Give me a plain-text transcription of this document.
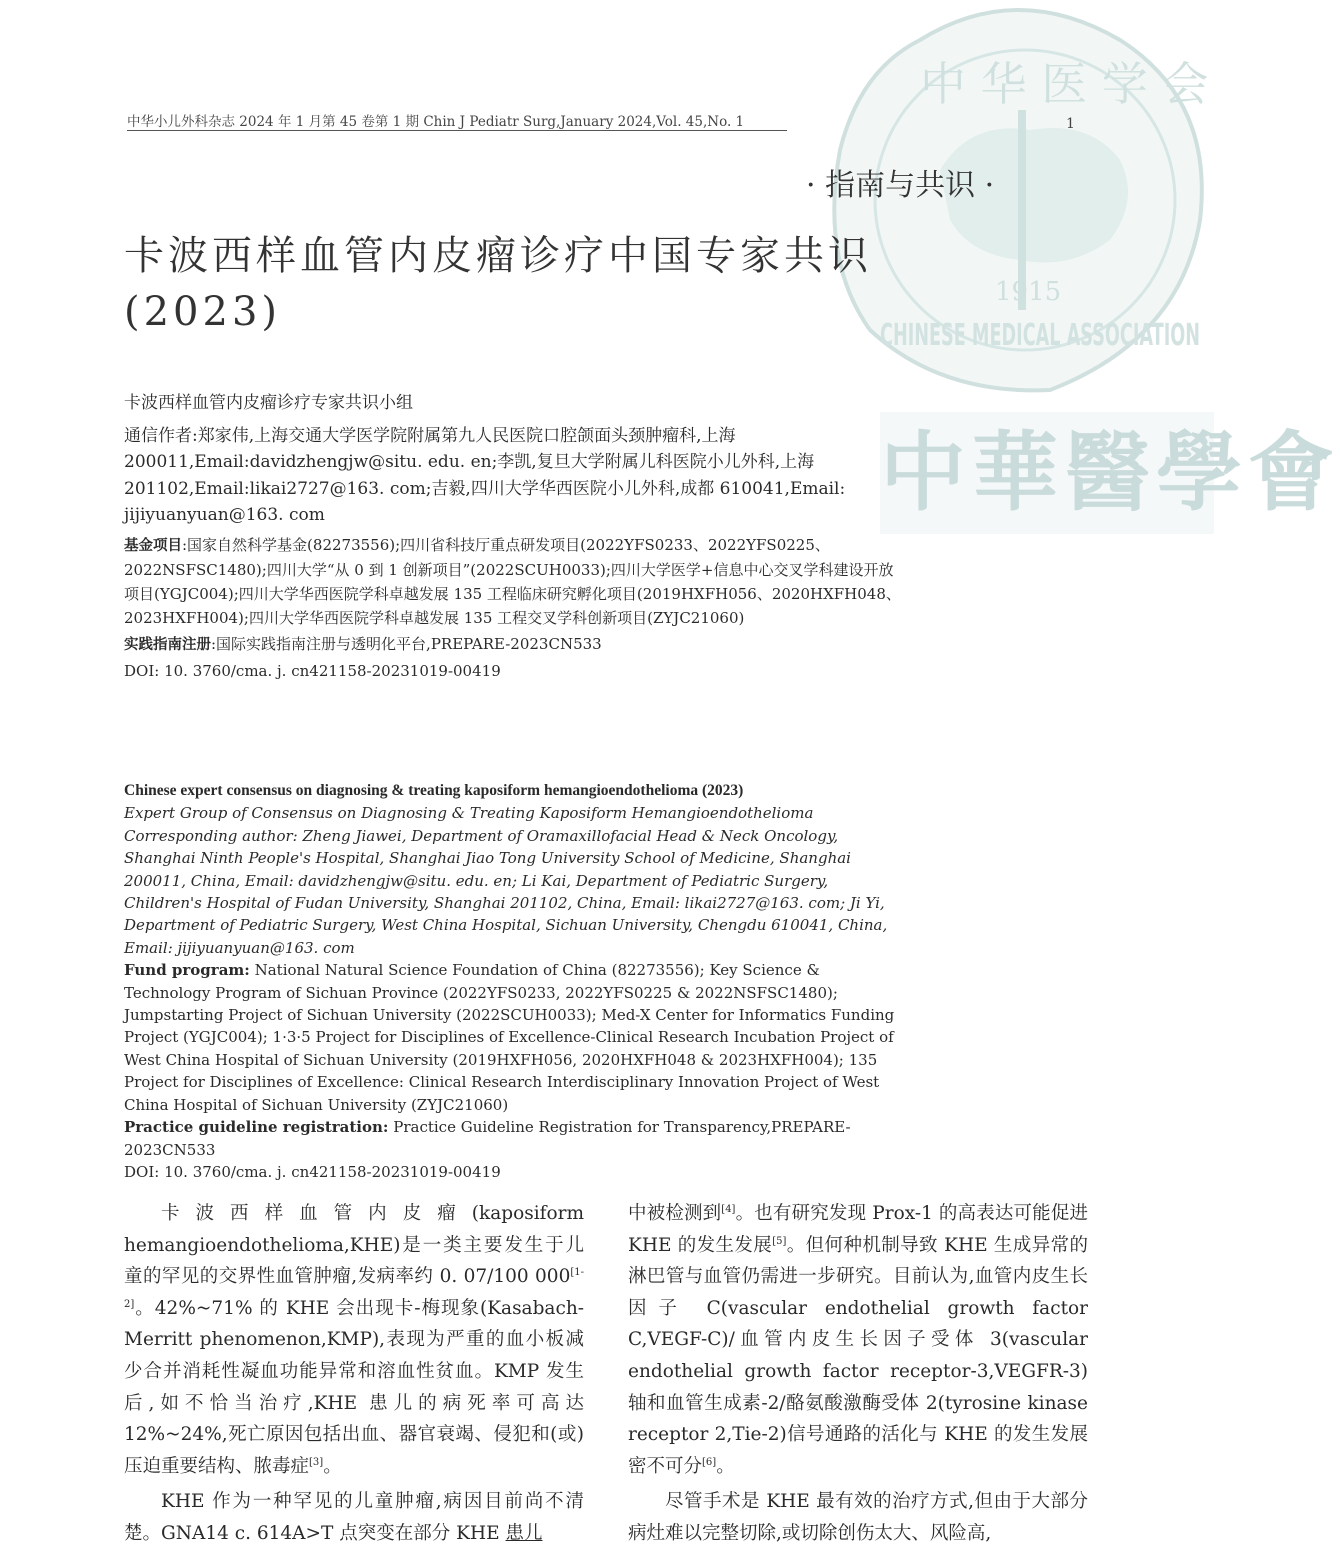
中 华 医 学 会
1915
CHINESE MEDICAL ASSOCIATION
中華醫學會
中华小儿外科杂志 2024 年 1 月第 45 卷第 1 期 Chin J Pediatr Surg,January 2024,Vol. 45,No. 1	1
· 指南与共识 ·
卡波西样血管内皮瘤诊疗中国专家共识
(2023)

卡波西样血管内皮瘤诊疗专家共识小组

通信作者:郑家伟,上海交通大学医学院附属第九人民医院口腔颌面头颈肿瘤科,上海 200011,Email:davidzhengjw@situ. edu. en;李凯,复旦大学附属儿科医院小儿外科,上海 201102,Email:likai2727@163. com;吉毅,四川大学华西医院小儿外科,成都 610041,Email: jijiyuanyuan@163. com

基金项目:国家自然科学基金(82273556);四川省科技厅重点研发项目(2022YFS0233、2022YFS0225、2022NSFSC1480);四川大学“从 0 到 1 创新项目”(2022SCUH0033);四川大学医学+信息中心交叉学科建设开放项目(YGJC004);四川大学华西医院学科卓越发展 135 工程临床研究孵化项目(2019HXFH056、2020HXFH048、2023HXFH004);四川大学华西医院学科卓越发展 135 工程交叉学科创新项目(ZYJC21060)

实践指南注册:国际实践指南注册与透明化平台,PREPARE-2023CN533

DOI: 10. 3760/cma. j. cn421158-20231019-00419

Chinese expert consensus on diagnosing & treating kaposiform hemangioendothelioma (2023)

Expert Group of Consensus on Diagnosing & Treating Kaposiform Hemangioendothelioma

Corresponding author: Zheng Jiawei, Department of Oramaxillofacial Head & Neck Oncology, Shanghai Ninth People's Hospital, Shanghai Jiao Tong University School of Medicine, Shanghai 200011, China, Email: davidzhengjw@situ. edu. en; Li Kai, Department of Pediatric Surgery, Children's Hospital of Fudan University, Shanghai 201102, China, Email: likai2727@163. com; Ji Yi, Department of Pediatric Surgery, West China Hospital, Sichuan University, Chengdu 610041, China, Email: jijiyuanyuan@163. com

Fund program: National Natural Science Foundation of China (82273556); Key Science & Technology Program of Sichuan Province (2022YFS0233, 2022YFS0225 & 2022NSFSC1480); Jumpstarting Project of Sichuan University (2022SCUH0033); Med-X Center for Informatics Funding Project (YGJC004); 1·3·5 Project for Disciplines of Excellence-Clinical Research Incubation Project of West China Hospital of Sichuan University (2019HXFH056, 2020HXFH048 & 2023HXFH004); 135 Project for Disciplines of Excellence: Clinical Research Interdisciplinary Innovation Project of West China Hospital of Sichuan University (ZYJC21060)

Practice guideline registration: Practice Guideline Registration for Transparency,PREPARE-2023CN533

DOI: 10. 3760/cma. j. cn421158-20231019-00419

卡波西样血管内皮瘤(kaposiform hemangioendothelioma,KHE)是一类主要发生于儿童的罕见的交界性血管肿瘤,发病率约 0. 07/100 000[1-2]。42%~71% 的 KHE 会出现卡-梅现象(Kasabach-Merritt phenomenon,KMP),表现为严重的血小板减少合并消耗性凝血功能异常和溶血性贫血。KMP 发生后,如不恰当治疗,KHE 患儿的病死率可高达 12%~24%,死亡原因包括出血、器官衰竭、侵犯和(或)压迫重要结构、脓毒症[3]。

KHE 作为一种罕见的儿童肿瘤,病因目前尚不清楚。GNA14 c. 614A>T 点突变在部分 KHE 患儿

中被检测到[4]。也有研究发现 Prox-1 的高表达可能促进 KHE 的发生发展[5]。但何种机制导致 KHE 生成异常的淋巴管与血管仍需进一步研究。目前认为,血管内皮生长因子 C(vascular endothelial growth factor C,VEGF-C)/血管内皮生长因子受体 3(vascular endothelial growth factor receptor-3,VEGFR-3)轴和血管生成素-2/酪氨酸激酶受体 2(tyrosine kinase receptor 2,Tie-2)信号通路的活化与 KHE 的发生发展密不可分[6]。

尽管手术是 KHE 最有效的治疗方式,但由于大部分病灶难以完整切除,或切除创伤太大、风险高,
